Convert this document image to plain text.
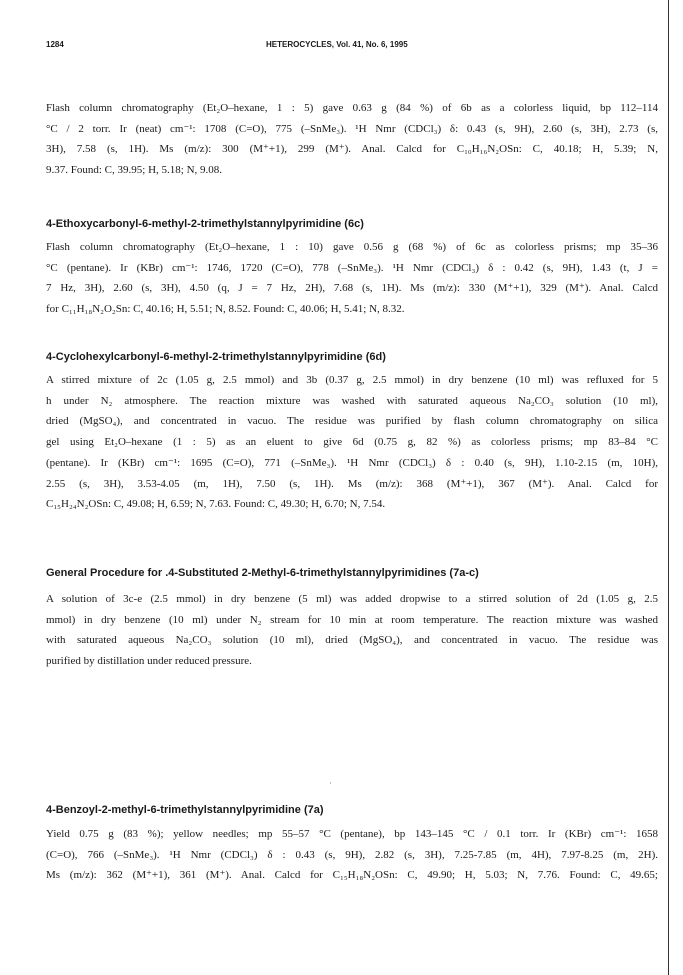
1284	HETEROCYCLES, Vol. 41, No. 6, 1995
Flash column chromatography (Et₂O–hexane, 1 : 5) gave 0.63 g (84 %) of 6b as a colorless liquid, bp 112–114
°C / 2 torr. Ir (neat) cm⁻¹: 1708 (C=O), 775 (–SnMe₃). ¹H Nmr (CDCl₃) δ: 0.43 (s, 9H), 2.60 (s, 3H), 2.73 (s,
3H), 7.58 (s, 1H). Ms (m/z): 300 (M⁺+1), 299 (M⁺). Anal. Calcd for C₁₀H₁₆N₂OSn: C, 40.18; H, 5.39; N,
9.37. Found: C, 39.95; H, 5.18; N, 9.08.
4-Ethoxycarbonyl-6-methyl-2-trimethylstannylpyrimidine (6c)
Flash column chromatography (Et₂O–hexane, 1 : 10) gave 0.56 g (68 %) of 6c as colorless prisms; mp 35–36
°C (pentane). Ir (KBr) cm⁻¹: 1746, 1720 (C=O), 778 (–SnMe₃). ¹H Nmr (CDCl₃) δ : 0.42 (s, 9H), 1.43 (t, J =
7 Hz, 3H), 2.60 (s, 3H), 4.50 (q, J = 7 Hz, 2H), 7.68 (s, 1H). Ms (m/z): 330 (M⁺+1), 329 (M⁺). Anal. Calcd
for C₁₁H₁₈N₂O₂Sn: C, 40.16; H, 5.51; N, 8.52. Found: C, 40.06; H, 5.41; N, 8.32.
4-Cyclohexylcarbonyl-6-methyl-2-trimethylstannylpyrimidine (6d)
A stirred mixture of 2c (1.05 g, 2.5 mmol) and 3b (0.37 g, 2.5 mmol) in dry benzene (10 ml) was refluxed for 5
h under N₂ atmosphere. The reaction mixture was washed with saturated aqueous Na₂CO₃ solution (10 ml),
dried (MgSO₄), and concentrated in vacuo. The residue was purified by flash column chromatography on silica
gel using Et₂O–hexane (1 : 5) as an eluent to give 6d (0.75 g, 82 %) as colorless prisms; mp 83–84 °C
(pentane). Ir (KBr) cm⁻¹: 1695 (C=O), 771 (–SnMe₃). ¹H Nmr (CDCl₃) δ : 0.40 (s, 9H), 1.10-2.15 (m, 10H),
2.55 (s, 3H), 3.53-4.05 (m, 1H), 7.50 (s, 1H). Ms (m/z): 368 (M⁺+1), 367 (M⁺). Anal. Calcd for
C₁₅H₂₄N₂OSn: C, 49.08; H, 6.59; N, 7.63. Found: C, 49.30; H, 6.70; N, 7.54.
General Procedure for .4-Substituted 2-Methyl-6-trimethylstannylpyrimidines (7a-c)
A solution of 3c-e (2.5 mmol) in dry benzene (5 ml) was added dropwise to a stirred solution of 2d (1.05 g, 2.5
mmol) in dry benzene (10 ml) under N₂ stream for 10 min at room temperature. The reaction mixture was washed
with saturated aqueous Na₂CO₃ solution (10 ml), dried (MgSO₄), and concentrated in vacuo. The residue was
purified by distillation under reduced pressure.
·
4-Benzoyl-2-methyl-6-trimethylstannylpyrimidine (7a)
Yield 0.75 g (83 %); yellow needles; mp 55–57 °C (pentane), bp 143–145 °C / 0.1 torr. Ir (KBr) cm⁻¹: 1658
(C=O), 766 (–SnMe₃). ¹H Nmr (CDCl₃) δ : 0.43 (s, 9H), 2.82 (s, 3H), 7.25-7.85 (m, 4H), 7.97-8.25 (m, 2H).
Ms (m/z): 362 (M⁺+1), 361 (M⁺). Anal. Calcd for C₁₅H₁₈N₂OSn: C, 49.90; H, 5.03; N, 7.76. Found: C, 49.65;
